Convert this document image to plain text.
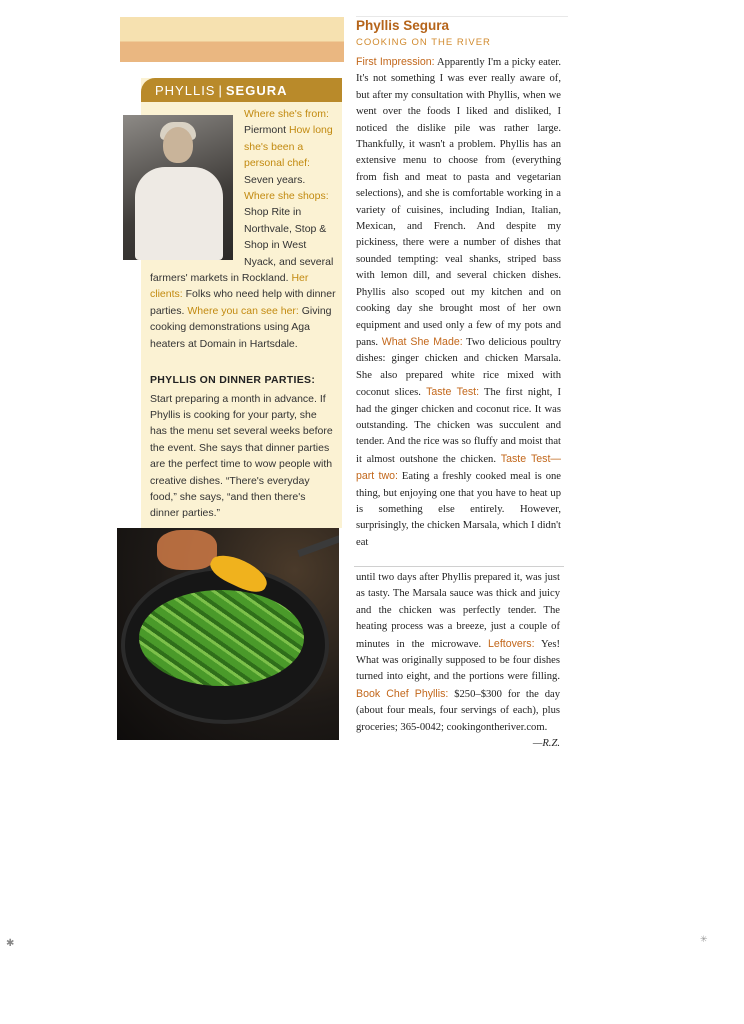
PHYLLIS | SEGURA
Where she's from: Piermont How long she's been a personal chef: Seven years. Where she shops: Shop Rite in Northvale, Stop & Shop in West Nyack, and several farmers' markets in Rockland. Her clients: Folks who need help with dinner parties. Where you can see her: Giving cooking demonstrations using Aga heaters at Domain in Hartsdale.
PHYLLIS ON DINNER PARTIES:
Start preparing a month in advance. If Phyllis is cooking for your party, she has the menu set several weeks before the event. She says that dinner parties are the perfect time to wow people with creative dishes. “There's everyday food,” she says, “and then there's dinner parties.”
Phyllis Segura
COOKING ON THE RIVER
First Impression: Apparently I'm a picky eater. It's not something I was ever really aware of, but after my consultation with Phyllis, when we went over the foods I liked and disliked, I noticed the dislike pile was rather large. Thankfully, it wasn't a problem. Phyllis has an extensive menu to choose from (everything from fish and meat to pasta and vegetarian selections), and she is comfortable working in a variety of cuisines, including Indian, Italian, Mexican, and French. And despite my pickiness, there were a number of dishes that sounded tempting: veal shanks, striped bass with lemon dill, and several chicken dishes. Phyllis also scoped out my kitchen and on cooking day she brought most of her own equipment and used only a few of my pots and pans. What She Made: Two delicious poultry dishes: ginger chicken and chicken Marsala. She also prepared white rice mixed with coconut slices. Taste Test: The first night, I had the ginger chicken and coconut rice. It was outstanding. The chicken was succulent and tender. And the rice was so fluffy and moist that it almost outshone the chicken. Taste Test—part two: Eating a freshly cooked meal is one thing, but enjoying one that you have to heat up is something else entirely. However, surprisingly, the chicken Marsala, which I didn't eat
until two days after Phyllis prepared it, was just as tasty. The Marsala sauce was thick and juicy and the chicken was perfectly tender. The heating process was a breeze, just a couple of minutes in the microwave. Leftovers: Yes! What was originally supposed to be four dishes turned into eight, and the portions were filling. Book Chef Phyllis: $250–$300 for the day (about four meals, four servings of each), plus groceries; 365-0042; cookingontheriver.com.
—R.Z.
✱	✳
